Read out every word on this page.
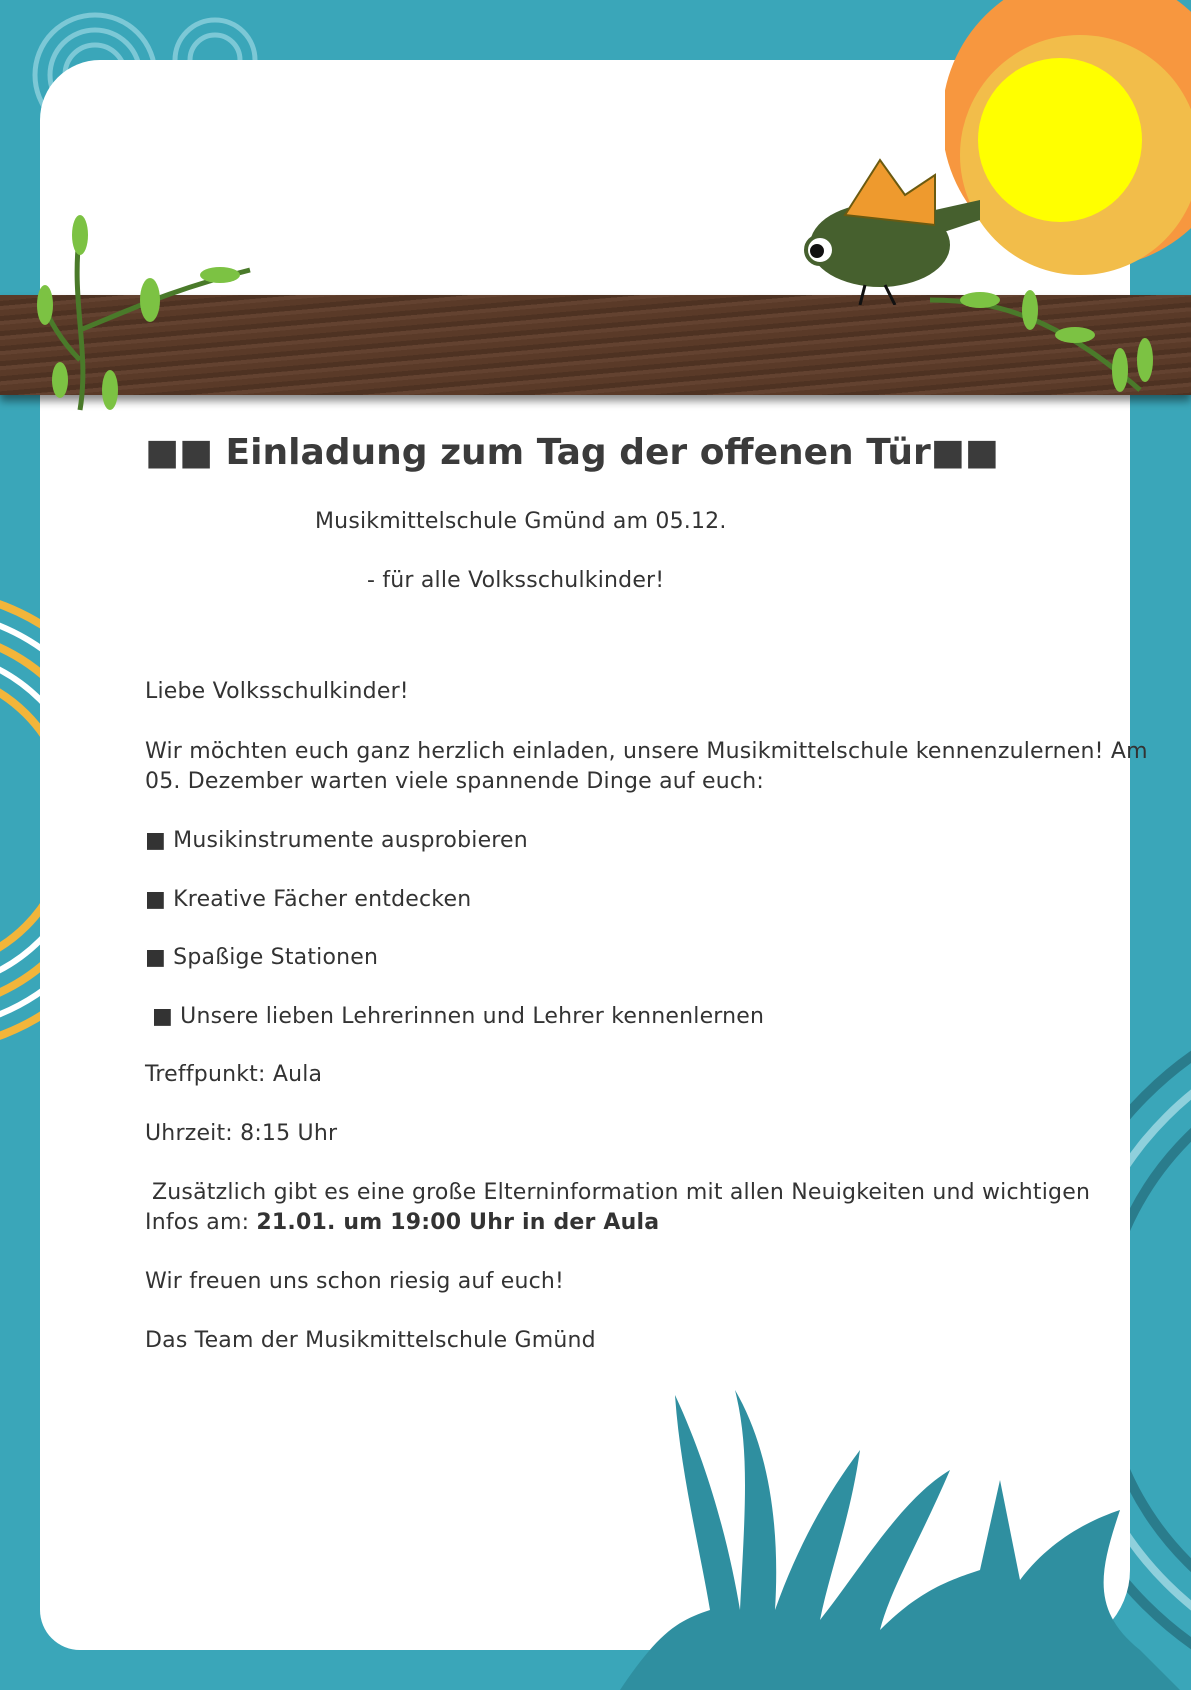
■■ Einladung zum Tag der offenen Tür■■
Musikmittelschule Gmünd am 05.12.
- für alle Volksschulkinder!
Liebe Volksschulkinder!
Wir möchten euch ganz herzlich einladen, unsere Musikmittelschule kennenzulernen! Am
05. Dezember warten viele spannende Dinge auf euch:
■ Musikinstrumente ausprobieren
■ Kreative Fächer entdecken
■ Spaßige Stationen
■ Unsere lieben Lehrerinnen und Lehrer kennenlernen
Treffpunkt: Aula
Uhrzeit: 8:15 Uhr
Zusätzlich gibt es eine große Elterninformation mit allen Neuigkeiten und wichtigen
Infos am: 21.01. um 19:00 Uhr in der Aula
Wir freuen uns schon riesig auf euch!
Das Team der Musikmittelschule Gmünd
